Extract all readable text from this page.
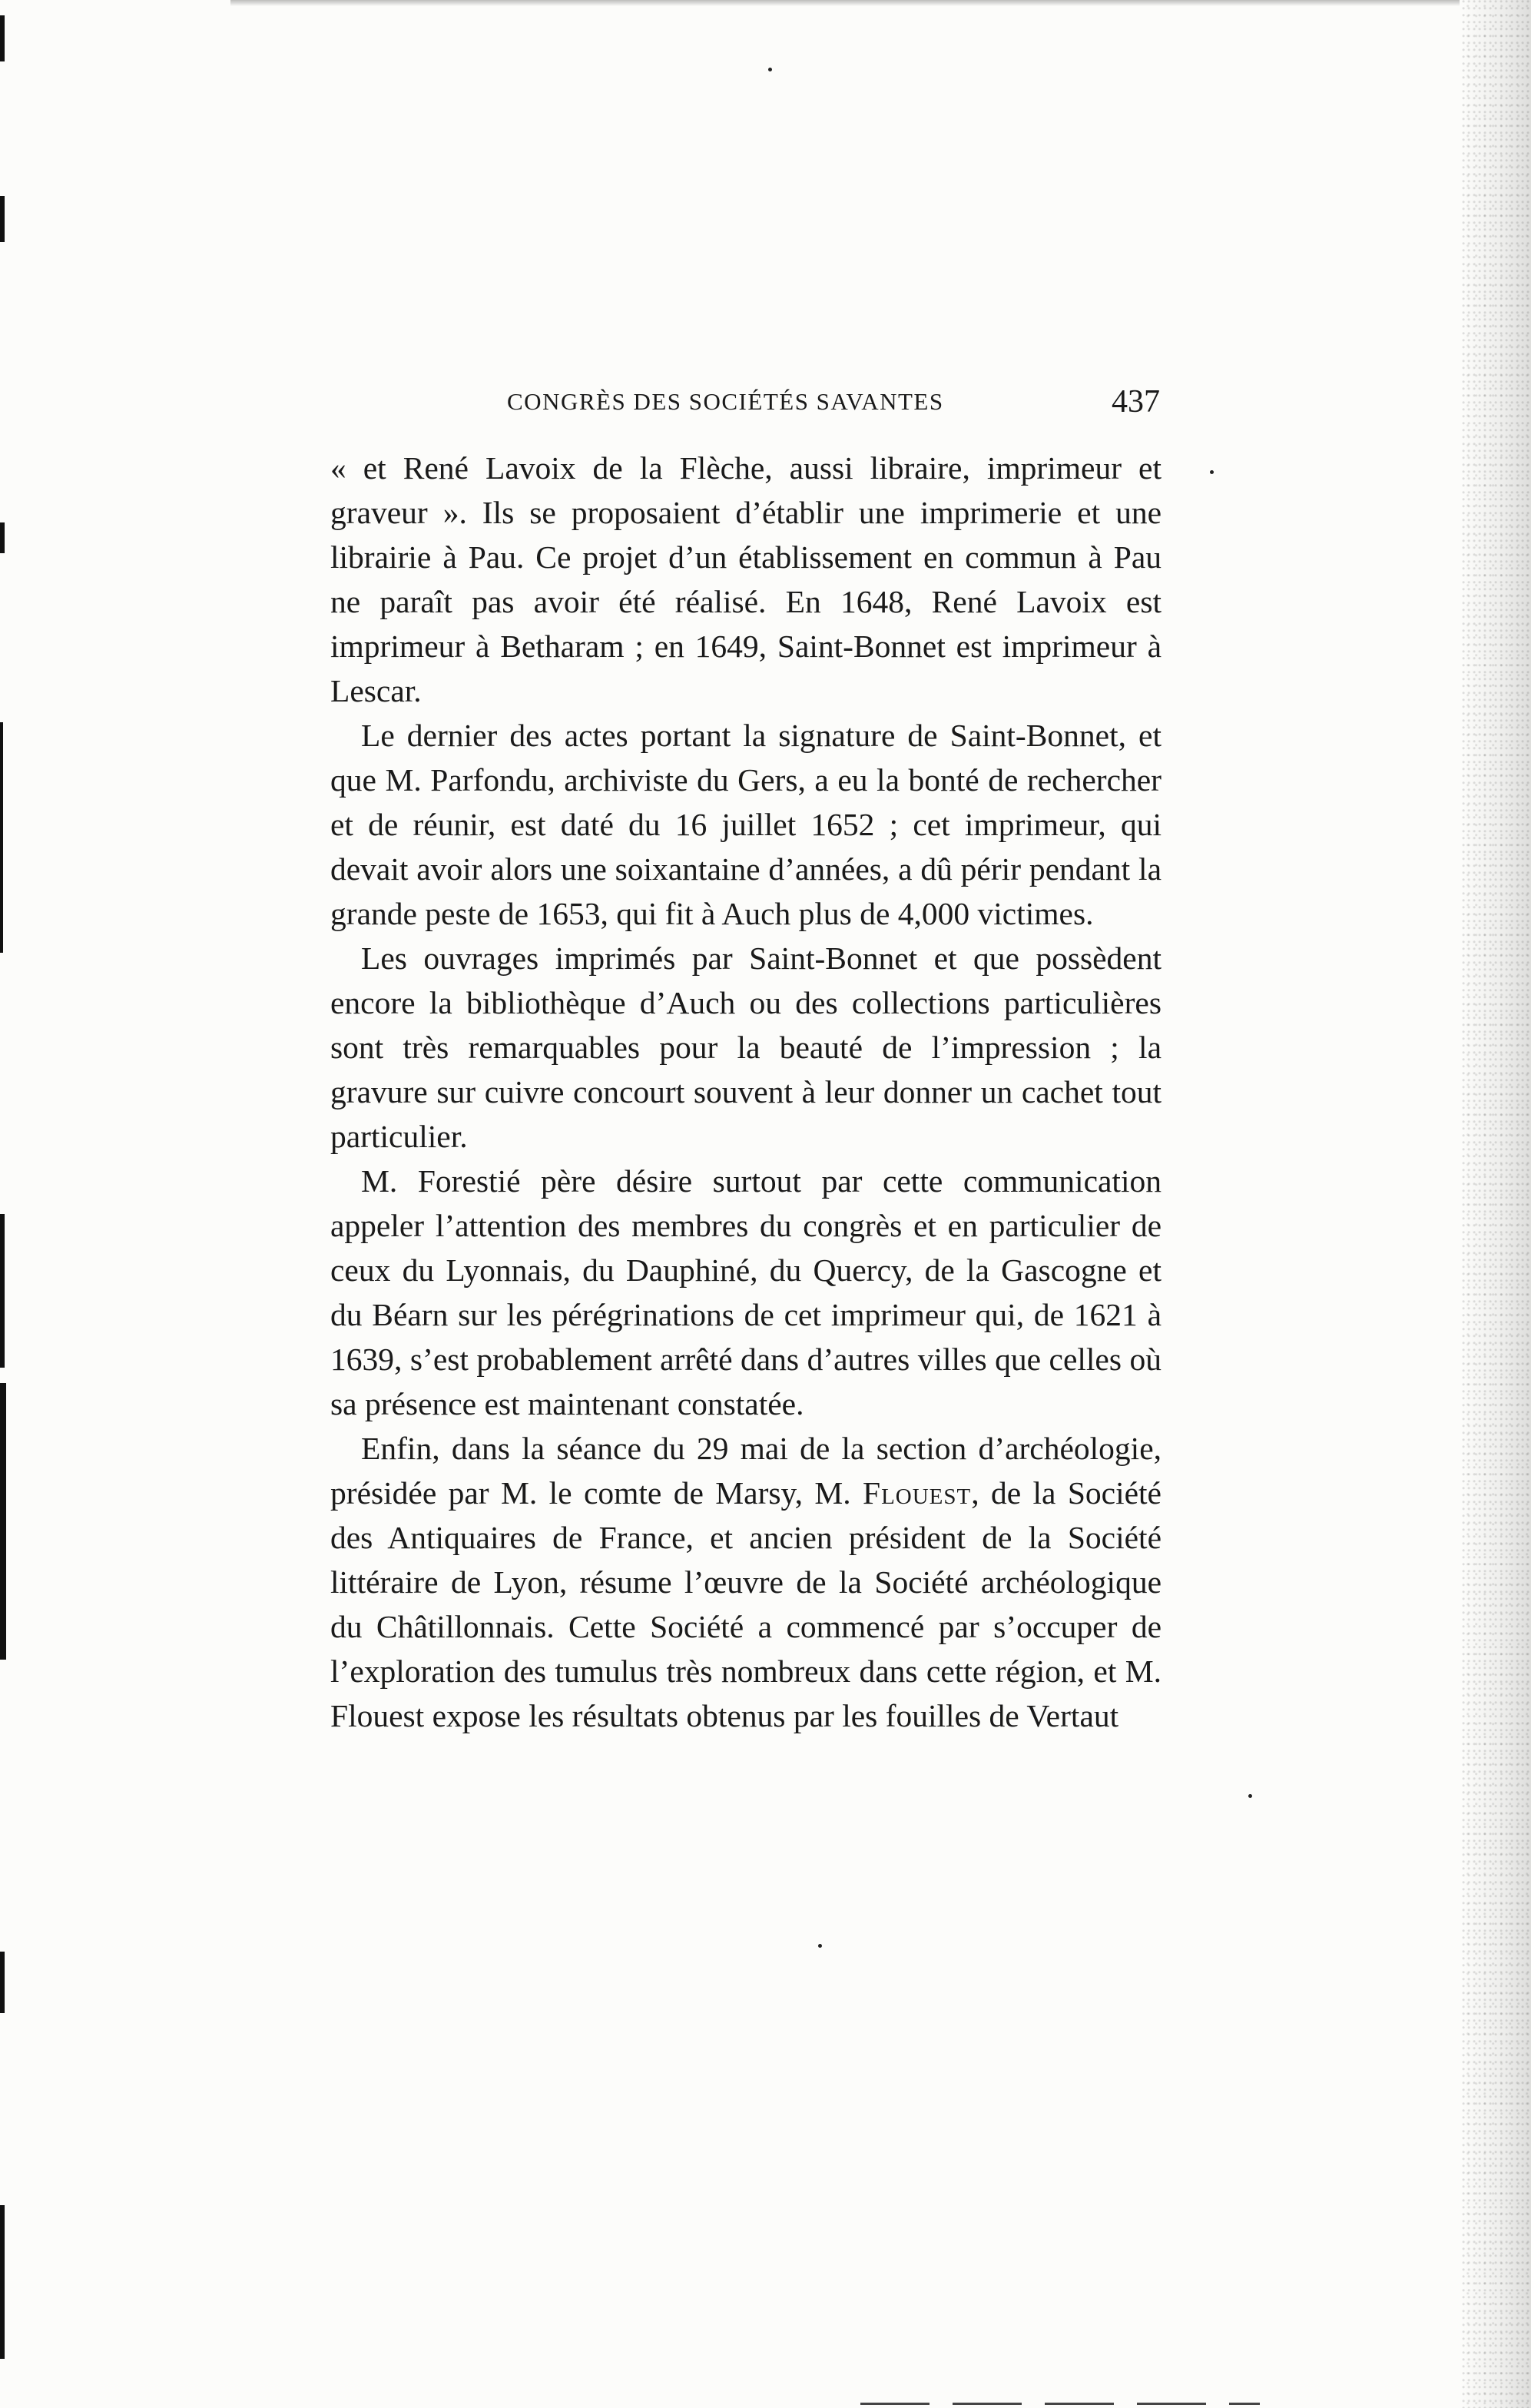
CONGRÈS DES SOCIÉTÉS SAVANTES	437

« et René Lavoix de la Flèche, aussi libraire, imprimeur et graveur ». Ils se proposaient d’établir une imprimerie et une librairie à Pau. Ce projet d’un établissement en commun à Pau ne paraît pas avoir été réalisé. En 1648, René Lavoix est imprimeur à Betharam ; en 1649, Saint-Bonnet est imprimeur à Lescar.

Le dernier des actes portant la signature de Saint-Bonnet, et que M. Parfondu, archiviste du Gers, a eu la bonté de rechercher et de réunir, est daté du 16 juillet 1652 ; cet imprimeur, qui devait avoir alors une soixantaine d’années, a dû périr pendant la grande peste de 1653, qui fit à Auch plus de 4,000 victimes.

Les ouvrages imprimés par Saint-Bonnet et que possèdent encore la bibliothèque d’Auch ou des collections particulières sont très remarquables pour la beauté de l’impression ; la gravure sur cuivre concourt souvent à leur donner un cachet tout particulier.

M. Forestié père désire surtout par cette communication appeler l’attention des membres du congrès et en particulier de ceux du Lyonnais, du Dauphiné, du Quercy, de la Gascogne et du Béarn sur les pérégrinations de cet imprimeur qui, de 1621 à 1639, s’est probablement arrêté dans d’autres villes que celles où sa présence est maintenant constatée.

Enfin, dans la séance du 29 mai de la section d’archéologie, présidée par M. le comte de Marsy, M. Flouest, de la Société des Antiquaires de France, et ancien président de la Société littéraire de Lyon, résume l’œuvre de la Société archéologique du Châtillonnais. Cette Société a commencé par s’occuper de l’exploration des tumulus très nombreux dans cette région, et M. Flouest expose les résultats obtenus par les fouilles de Vertaut
